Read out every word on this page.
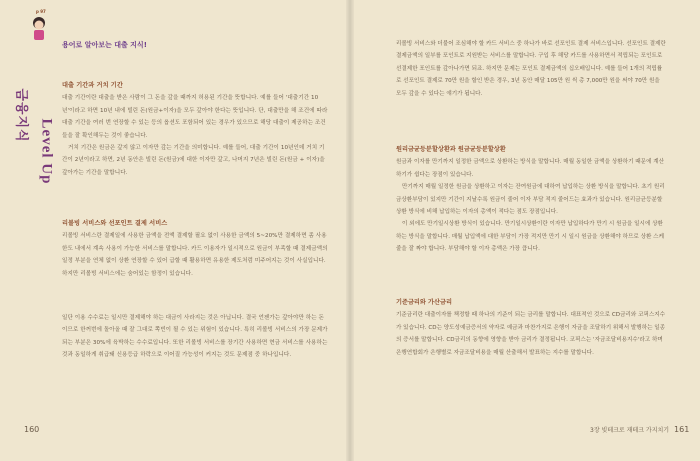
p 97
금융지식
Level Up
용어로 알아보는 대출 지식!
대출 기간과 거치 기간
대출 기간이란 대출을 받은 사람이 그 돈을 갚을 때까지 허용된 기간을 뜻합니다. 예를 들어 '대출기간 10년'이라고 하면 10년 내에 빌린 돈(원금+이자)을 모두 갚아야 한다는 뜻입니다. 단, 대출만을 해 조건에 따라 대출 기간을 여러 번 연장할 수 있는 등의 옵션도 포함되어 있는 경우가 있으므로 해당 대출이 제공하는 조건들을 잘 확인해두는 것이 좋습니다.
거치 기간은 원금은 갚지 않고 이자만 갚는 기간을 의미합니다. 예를 들어, 대출 기간이 10년인데 거치 기간이 2년이라고 하면, 2년 동안은 빌린 돈(원금)에 대한 이자만 갚고, 나머지 7년은 빌린 돈(원금 + 이자)을 갚아가는 기간을 말합니다.
리볼빙 서비스와 선포인트 결제 서비스
리볼빙 서비스란 결제일에 사용한 금액을 전액 결제할 필요 없이 사용한 금액의 5~20%만 결제하면 좀 사용한도 내에서 계속 사용이 가능한 서비스를 말합니다. 카드 이용자가 일시적으로 원금이 부족할 때 결제금액의 일정 부분을 연체 없이 상환 연장할 수 있어 급할 때 활용하면 유용한 제도처럼 미주어지는 것이 사실입니다. 하지만 리볼빙 서비스에는 숨어있는 함정이 있습니다.
일단 이용 수수료는 일시만 결제해야 하는 대금이 사라지는 것은 아닙니다. 결국 언젠가는 갚아야만 하는 돈이므로 한꺼번에 돌아올 때 잘 그대로 쪽빈이 될 수 있는 위험이 있습니다. 특히 리볼빙 서비스의 가장 문제가 되는 부분은 30%에 육박하는 수수료입니다. 또한 리볼빙 서비스를 장기간 사용하면 현금 서비스를 사용하는 것과 동일하게 취급돼 신용등급 하락으로 이어질 가능성이 커지는 것도 문제점 중 하나입니다.
160
리볼빙 서비스와 더불어 조심해야 할 카드 서비스 중 하나가 바로 선포인트 결제 서비스입니다. 선포인트 결제란 결제금액의 일부를 포인트로 지원받는 서비스를 말합니다. 구입 후 해당 카드를 사용하면서 적립되는 포인트로 선결제한 포인트를 갚아나가면 되죠. 하지만 문제는 포인트 결제금액의 십오배입니다. 예를 들어 1개의 적립률로 선포인트 결제로 70만 원을 할인 받은 경우, 3년 동안 매달 105만 원 씩 총 7,000만 원을 써야 70만 원을 모두 갚을 수 있다는 얘기가 됩니다.
원리금균등분할상환과 원금균등분할상환
원금과 이자를 만기까지 일정한 금액으로 상환하는 방식을 말합니다. 매월 동일한 금액을 상환하기 때문에 계산하기가 쉽다는 장점이 있습니다.
만기까지 매월 일정한 원금을 상환하고 이자는 잔여원금에 대하여 납입하는 상환 방식을 말합니다. 초기 원리금상환부담이 있지만 기간이 지날수록 원금이 줄어 이자 부담 적지 줄어드는 효과가 있습니다. 원리금균등분할상환 방식에 비해 납입하는 이자의 총액이 적다는 점도 장점입니다.
이 외에도 만기일시상환 방식이 있습니다. 만기일시상환이란 이자만 납입하다가 만기 시 원금을 일시에 상환하는 방식을 말합니다. 매월 납입액에 대한 부담이 가장 적지만 만기 시 일시 원금을 상환해야 하므로 상환 스케줄을 잘 짜야 합니다. 부담해야 할 이자 총액은 가장 큽니다.
기준금리와 가산금리
기준금리란 대출이자를 책정할 때 하나의 기준이 되는 금리를 말합니다. 대표적인 것으로 CD금리와 코픽스지수가 있습니다. CD는 양도성예금증서의 약자로 예금과 마찬가지로 은행이 자금을 조달하기 위해서 발행하는 일종의 증서를 말합니다. CD금리의 동향에 영향을 받아 금리가 결정됩니다. 코픽스는 '자금조달비용지수'라고 하며 은행연합회가 은행별로 자금조달비용을 매월 산출해서 발표하는 지수를 말합니다.
3장 빚테크로 재테크 가지치기 161
